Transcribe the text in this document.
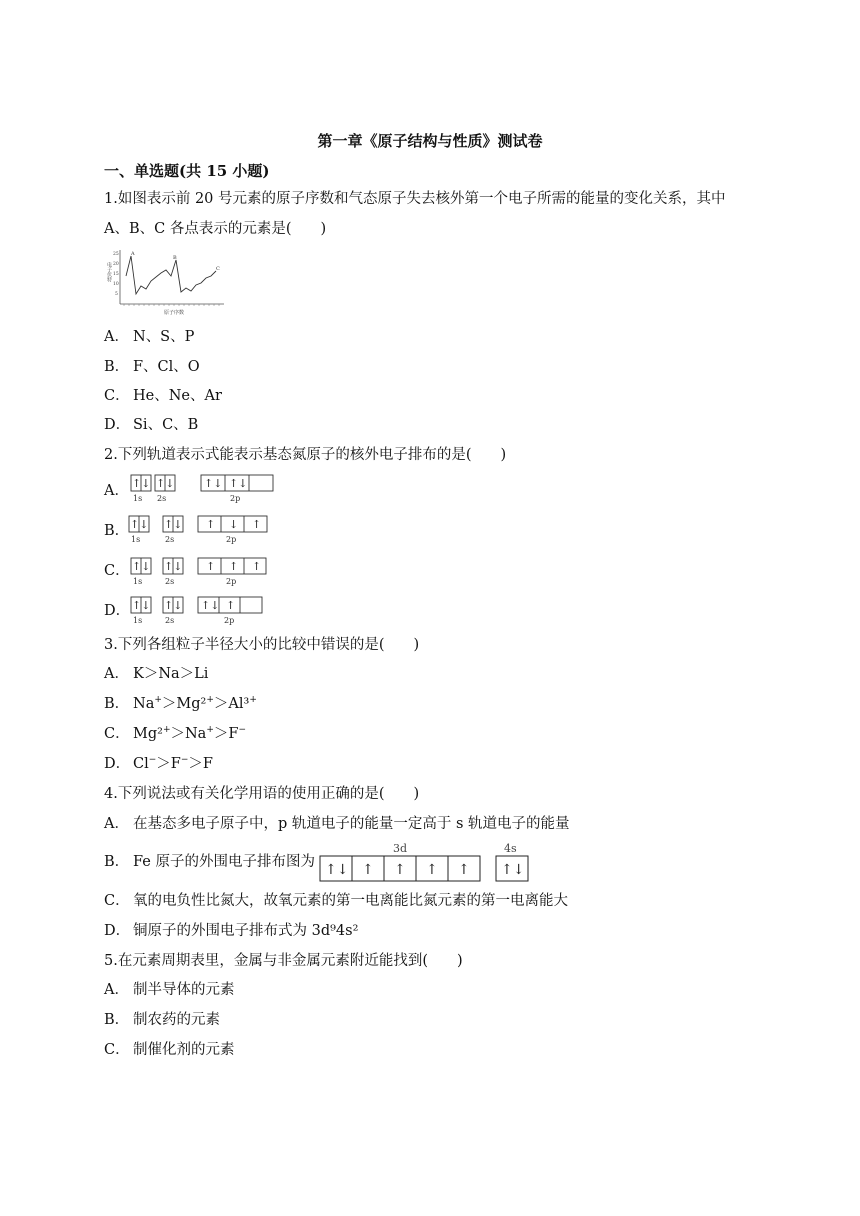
第一章《原子结构与性质》测试卷
一、单选题(共 15 小题)
1.如图表示前 20 号元素的原子序数和气态原子失去核外第一个电子所需的能量的变化关系，其中
A、B、C 各点表示的元素是(　　)
电子伏特
25
20
15
10
5
A
B
C
原子序数
A． N、S、P
B． F、Cl、O
C． He、Ne、Ar
D． Si、C、B
2.下列轨道表示式能表示基态氮原子的核外电子排布的是(　　)
A． ↑↓ ↑↓	↑↓ ↑↓
1s 2s	2p
B． ↑↓ ↑↓ ↑ ↓ ↑
1s	2s	2p
C． ↑↓ ↑↓ ↑ ↑ ↑
1s	2s	2p
D． ↑↓ ↑↓ ↑↓ ↑
1s	2s	2p
3.下列各组粒子半径大小的比较中错误的是(　　)
A． K＞Na＞Li
B． Na+＞Mg²+＞Al³+
C． Mg²+＞Na+＞F−
D． Cl−＞F−＞F
4.下列说法或有关化学用语的使用正确的是(　　)
A． 在基态多电子原子中，p 轨道电子的能量一定高于 s 轨道电子的能量
B． Fe 原子的外围电子排布图为
3d	4s
↑↓ ↑ ↑ ↑ ↑ ↑↓
C． 氧的电负性比氮大，故氧元素的第一电离能比氮元素的第一电离能大
D． 铜原子的外围电子排布式为 3d⁹4s²
5.在元素周期表里，金属与非金属元素附近能找到(　　)
A． 制半导体的元素
B． 制农药的元素
C． 制催化剂的元素
